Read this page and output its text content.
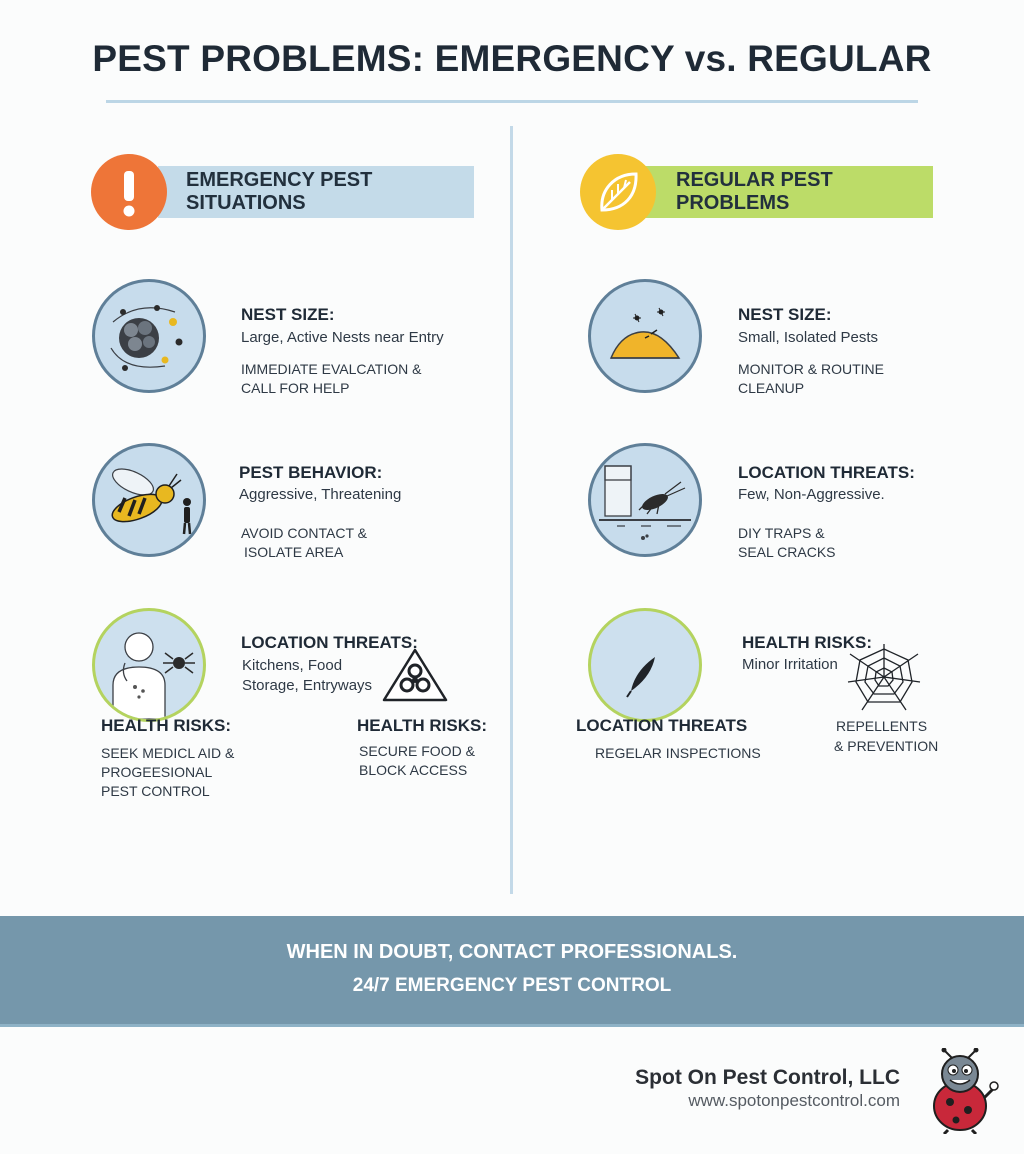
PEST PROBLEMS: EMERGENCY vs. REGULAR
EMERGENCY PEST SITUATIONS
REGULAR PEST PROBLEMS
NEST SIZE:
Large, Active Nests near Entry
IMMEDIATE EVALCATION &
CALL FOR HELP
PEST BEHAVIOR:
Aggressive, Threatening
AVOID CONTACT &
ISOLATE AREA
LOCATION THREATS:
Kitchens, Food
Storage, Entryways
HEALTH RISKS:
SEEK MEDICL AID &
PROGEESIONAL
PEST CONTROL
HEALTH RISKS:
SECURE FOOD &
BLOCK ACCESS
NEST SIZE:
Small, Isolated Pests
MONITOR & ROUTINE
CLEANUP
LOCATION THREATS:
Few, Non-Aggressive.
DIY TRAPS &
SEAL CRACKS
HEALTH RISKS:
Minor Irritation
LOCATION THREATS
REGELAR INSPECTIONS
REPELLENTS
& PREVENTION
WHEN IN DOUBT, CONTACT PROFESSIONALS.
24/7 EMERGENCY PEST CONTROL
Spot On Pest Control, LLC
www.spotonpestcontrol.com
